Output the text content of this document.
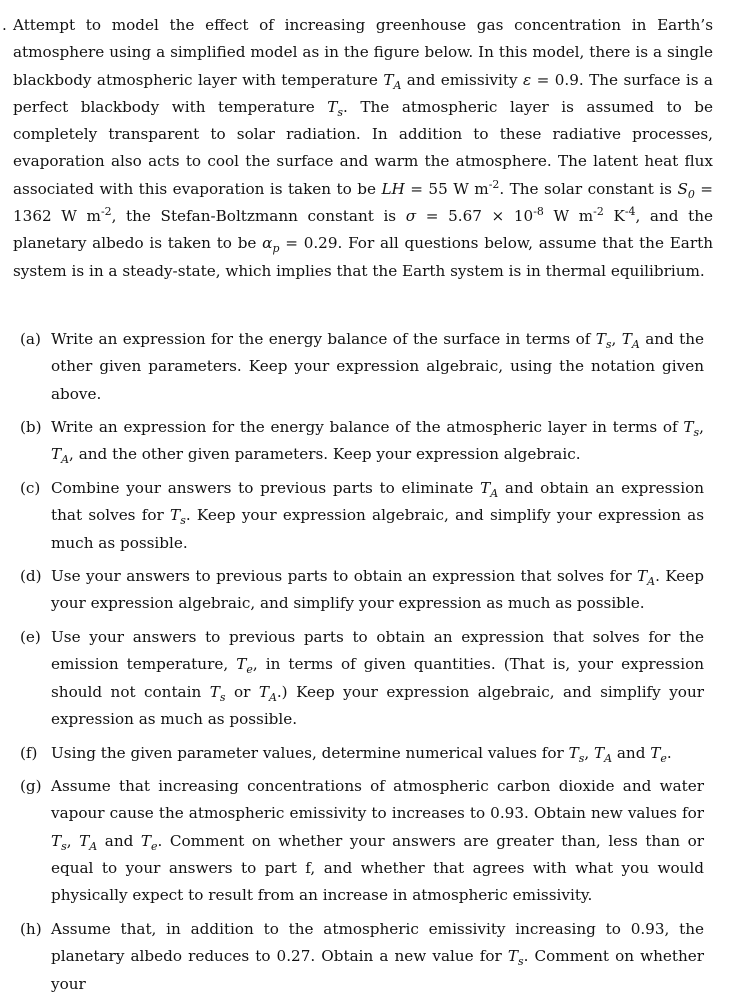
. Attempt to model the effect of increasing greenhouse gas concentration in Earth’s atmosphere using a simplified model as in the figure below. In this model, there is a single blackbody atmospheric layer with temperature $T_A$ and emissivity ε = 0.9. The surface is a perfect blackbody with temperature $T_s$. The atmospheric layer is assumed to be completely transparent to solar radiation. In addition to these radiative processes, evaporation also acts to cool the surface and warm the atmosphere. The latent heat flux associated with this evaporation is taken to be LH = 55 W $m^{-2}$. The solar constant is $S_0 = 1362$ W $m^{-2}$, the Stefan-Boltzmann constant is $\sigma = 5.67 \times 10^{-8}$ W $m^{-2}$ $K^{-4}$, and the planetary albedo is taken to be $\alpha_p = 0.29$. For all questions below, assume that the Earth system is in a steady-state, which implies that the Earth system is in thermal equilibrium.
(a) Write an expression for the energy balance of the surface in terms of $T_s$, $T_A$ and the other given parameters. Keep your expression algebraic, using the notation given above.
(b) Write an expression for the energy balance of the atmospheric layer in terms of $T_s$, $T_A$, and the other given parameters. Keep your expression algebraic.
(c) Combine your answers to previous parts to eliminate $T_A$ and obtain an expression that solves for $T_s$. Keep your expression algebraic, and simplify your expression as much as possible.
(d) Use your answers to previous parts to obtain an expression that solves for $T_A$. Keep your expression algebraic, and simplify your expression as much as possible.
(e) Use your answers to previous parts to obtain an expression that solves for the emission temperature, $T_e$, in terms of given quantities. (That is, your expression should not contain $T_s$ or $T_A$.) Keep your expression algebraic, and simplify your expression as much as possible.
(f) Using the given parameter values, determine numerical values for $T_s$, $T_A$ and $T_e$.
(g) Assume that increasing concentrations of atmospheric carbon dioxide and water vapour cause the atmospheric emissivity to increases to 0.93. Obtain new values for $T_s$, $T_A$ and $T_e$. Comment on whether your answers are greater than, less than or equal to your answers to part f, and whether that agrees with what you would physically expect to result from an increase in atmospheric emissivity.
(h) Assume that, in addition to the atmospheric emissivity increasing to 0.93, the planetary albedo reduces to 0.27. Obtain a new value for $T_s$. Comment on whether your
